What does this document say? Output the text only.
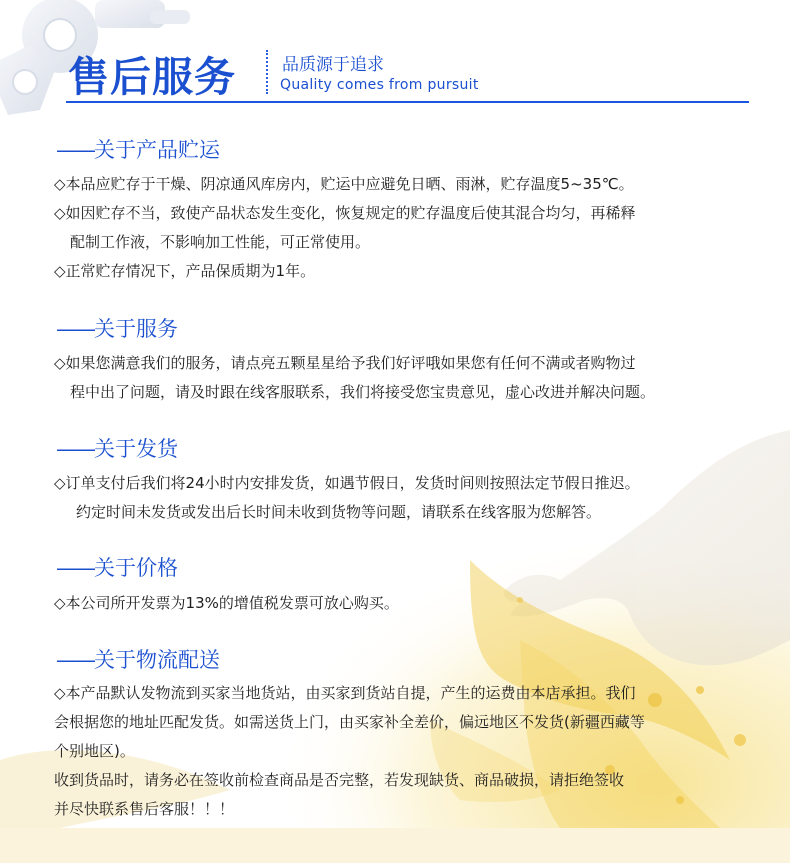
售后服务	品质源于追求
Quality comes from pursuit
——关于产品贮运
◇本品应贮存于干燥、阴凉通风库房内，贮运中应避免日晒、雨淋，贮存温度5~35℃。
◇如因贮存不当，致使产品状态发生变化，恢复规定的贮存温度后使其混合均匀，再稀释
配制工作液，不影响加工性能，可正常使用。
◇正常贮存情况下，产品保质期为1年。
——关于服务
◇如果您满意我们的服务，请点亮五颗星星给予我们好评哦如果您有任何不满或者购物过
程中出了问题，请及时跟在线客服联系，我们将接受您宝贵意见，虚心改进并解决问题。
——关于发货
◇订单支付后我们将24小时内安排发货，如遇节假日，发货时间则按照法定节假日推迟。
约定时间未发货或发出后长时间未收到货物等问题，请联系在线客服为您解答。
——关于价格
◇本公司所开发票为13%的增值税发票可放心购买。
——关于物流配送
◇本产品默认发物流到买家当地货站，由买家到货站自提，产生的运费由本店承担。我们
会根据您的地址匹配发货。如需送货上门，由买家补全差价，偏远地区不发货(新疆西藏等
个别地区)。
收到货品时，请务必在签收前检查商品是否完整，若发现缺货、商品破损，请拒绝签收
并尽快联系售后客服！！！
